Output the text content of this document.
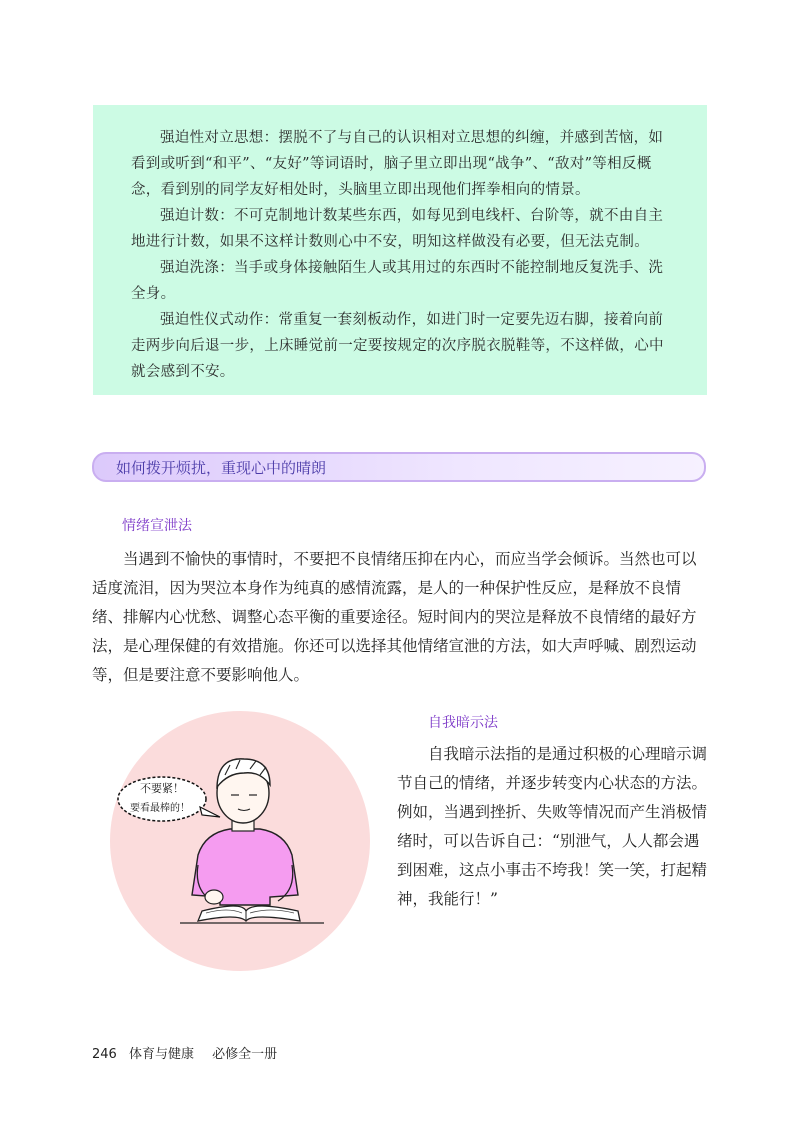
强迫性对立思想：摆脱不了与自己的认识相对立思想的纠缠，并感到苦恼，如看到或听到“和平”、“友好”等词语时，脑子里立即出现“战争”、“敌对”等相反概念，看到别的同学友好相处时，头脑里立即出现他们挥拳相向的情景。

强迫计数：不可克制地计数某些东西，如每见到电线杆、台阶等，就不由自主地进行计数，如果不这样计数则心中不安，明知这样做没有必要，但无法克制。

强迫洗涤：当手或身体接触陌生人或其用过的东西时不能控制地反复洗手、洗全身。

强迫性仪式动作：常重复一套刻板动作，如进门时一定要先迈右脚，接着向前走两步向后退一步，上床睡觉前一定要按规定的次序脱衣脱鞋等，不这样做，心中就会感到不安。

如何拨开烦扰，重现心中的晴朗
情绪宣泄法

当遇到不愉快的事情时，不要把不良情绪压抑在内心，而应当学会倾诉。当然也可以适度流泪，因为哭泣本身作为纯真的感情流露，是人的一种保护性反应，是释放不良情绪、排解内心忧愁、调整心态平衡的重要途径。短时间内的哭泣是释放不良情绪的最好方法，是心理保健的有效措施。你还可以选择其他情绪宣泄的方法，如大声呼喊、剧烈运动等，但是要注意不要影响他人。

不要紧！
要看最棒的！
自我暗示法

自我暗示法指的是通过积极的心理暗示调节自己的情绪，并逐步转变内心状态的方法。例如，当遇到挫折、失败等情况而产生消极情绪时，可以告诉自己：“别泄气，人人都会遇到困难，这点小事击不垮我！笑一笑，打起精神，我能行！”

246 体育与健康 必修全一册
